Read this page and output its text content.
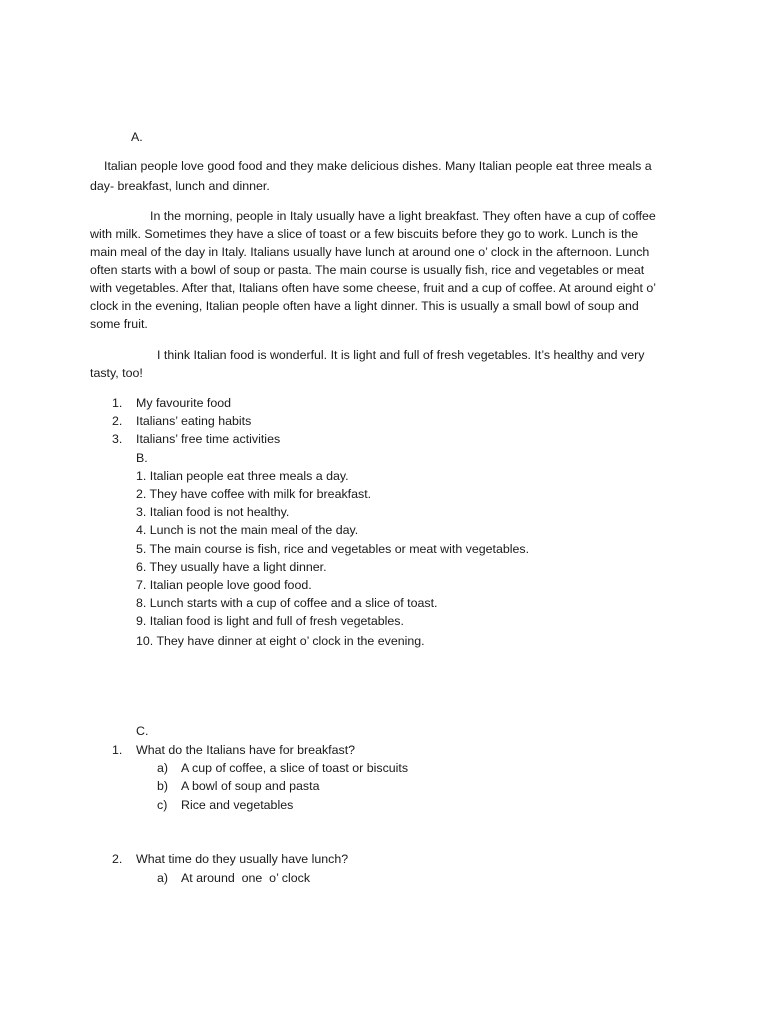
A.
Italian people love good food and they make delicious dishes. Many Italian people eat three meals a
day- breakfast, lunch and dinner.
In the morning, people in Italy usually have a light breakfast. They often have a cup of coffee
with milk. Sometimes they have a slice of toast or a few biscuits before they go to work. Lunch is the
main meal of the day in Italy. Italians usually have lunch at around one o’ clock in the afternoon. Lunch
often starts with a bowl of soup or pasta. The main course is usually fish, rice and vegetables or meat
with vegetables. After that, Italians often have some cheese, fruit and a cup of coffee. At around eight o’
clock in the evening, Italian people often have a light dinner. This is usually a small bowl of soup and
some fruit.
I think Italian food is wonderful. It is light and full of fresh vegetables. It’s healthy and very
tasty, too!
1. My favourite food
2. Italians’ eating habits
3. Italians’ free time activities
B.
1. Italian people eat three meals a day.
2. They have coffee with milk for breakfast.
3. Italian food is not healthy.
4. Lunch is not the main meal of the day.
5. The main course is fish, rice and vegetables or meat with vegetables.
6. They usually have a light dinner.
7. Italian people love good food.
8. Lunch starts with a cup of coffee and a slice of toast.
9. Italian food is light and full of fresh vegetables.
10. They have dinner at eight o’ clock in the evening.
C.
1. What do the Italians have for breakfast?
a) A cup of coffee, a slice of toast or biscuits
b) A bowl of soup and pasta
c) Rice and vegetables
2. What time do they usually have lunch?
a) At around  one  o’ clock
